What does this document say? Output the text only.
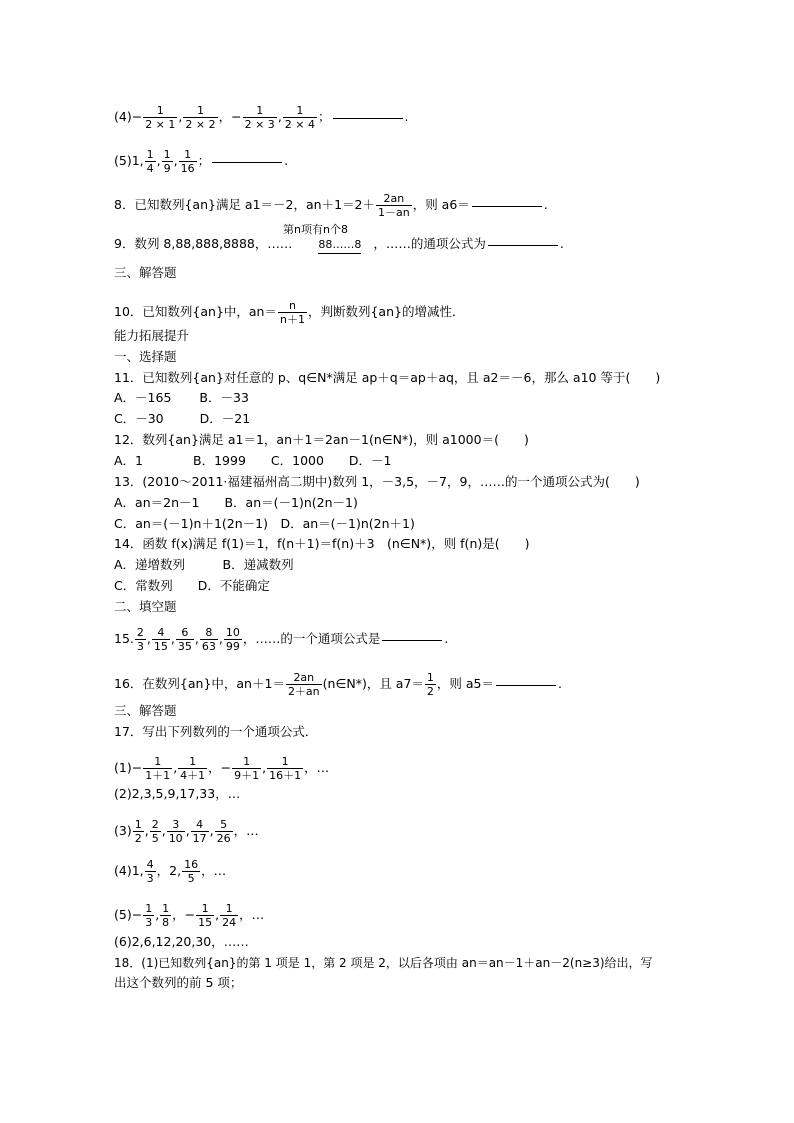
$(4)- \frac{1}{2 \times 1}$ , $\frac{1}{2 \times 2}$ ，− $\frac{1}{2 \times 3}$ , $\frac{1}{2 \times 4}$ ；	.
(5)1, $\frac{1}{4}$ , $\frac{1}{9}$ , $\frac{1}{16}$ ；	.
8．已知数列{an}满足 a1＝－2，$an+1=2+ \frac{2an}{1-an}$ ，则 a6＝	.
9．数列 8,88,888,8888，…… 88……8 ，……的通项公式为	.
第n项有n个8
三、解答题
10．已知数列{an}中，$an= \frac{n}{n+1}$ ，判断数列{an}的增减性．
能力拓展提升
一、选择题
11．已知数列{an}对任意的 p、q∈N*满足 ap＋q＝ap＋aq，且 a2＝－6，那么 a10 等于(　　)
A．－165 B．－33
C．－30	D．－21
12．数列{an}满足 a1＝1，an＋1＝2an－1(n∈N*)，则 a1000＝(　　)
A．1　　　　B．1999　　C．1000　　D．－1
13．(2010～2011·福建福州高二期中)数列 1，－3,5，－7，9，……的一个通项公式为(　　)
A．an＝2n－1　　B．an＝(－1)n(2n－1)
C．an＝(－1)n＋1(2n－1)　D．an＝(－1)n(2n＋1)
14．函数 f(x)满足 f(1)＝1，f(n＋1)＝f(n)＋3　(n∈N*)，则 f(n)是(　　)
A．递增数列　　　B．递减数列
C．常数列　　D．不能确定
二、填空题
15. $\frac{2}{3}$ , $\frac{4}{15}$ , $\frac{6}{35}$ , $\frac{8}{63}$ , $\frac{10}{99}$ ，……的一个通项公式是	.
16．在数列{an}中，$an+1= \frac{2an}{2+an}$ (n∈N*)，且 $a7= \frac{1}{2}$ ，则 a5＝	.
三、解答题
17．写出下列数列的一个通项公式．
$(1)- \frac{1}{1+1}$ , $\frac{1}{4+1}$ ，− $\frac{1}{9+1}$ , $\frac{1}{16+1}$ ，…
(2)2,3,5,9,17,33，…
$(3) \frac{1}{2}$ , $\frac{2}{5}$ , $\frac{3}{10}$ , $\frac{4}{17}$ , $\frac{5}{26}$ ，…
(4)1, $\frac{4}{3}$ ，2, $\frac{16}{5}$ ，…
$(5)- \frac{1}{3}$ , $\frac{1}{8}$ ，− $\frac{1}{15}$ , $\frac{1}{24}$ ，…
(6)2,6,12,20,30，……
18．(1)已知数列{an}的第 1 项是 1，第 2 项是 2，以后各项由 an＝an－1＋an－2(n≥3)给出，写
出这个数列的前 5 项；
